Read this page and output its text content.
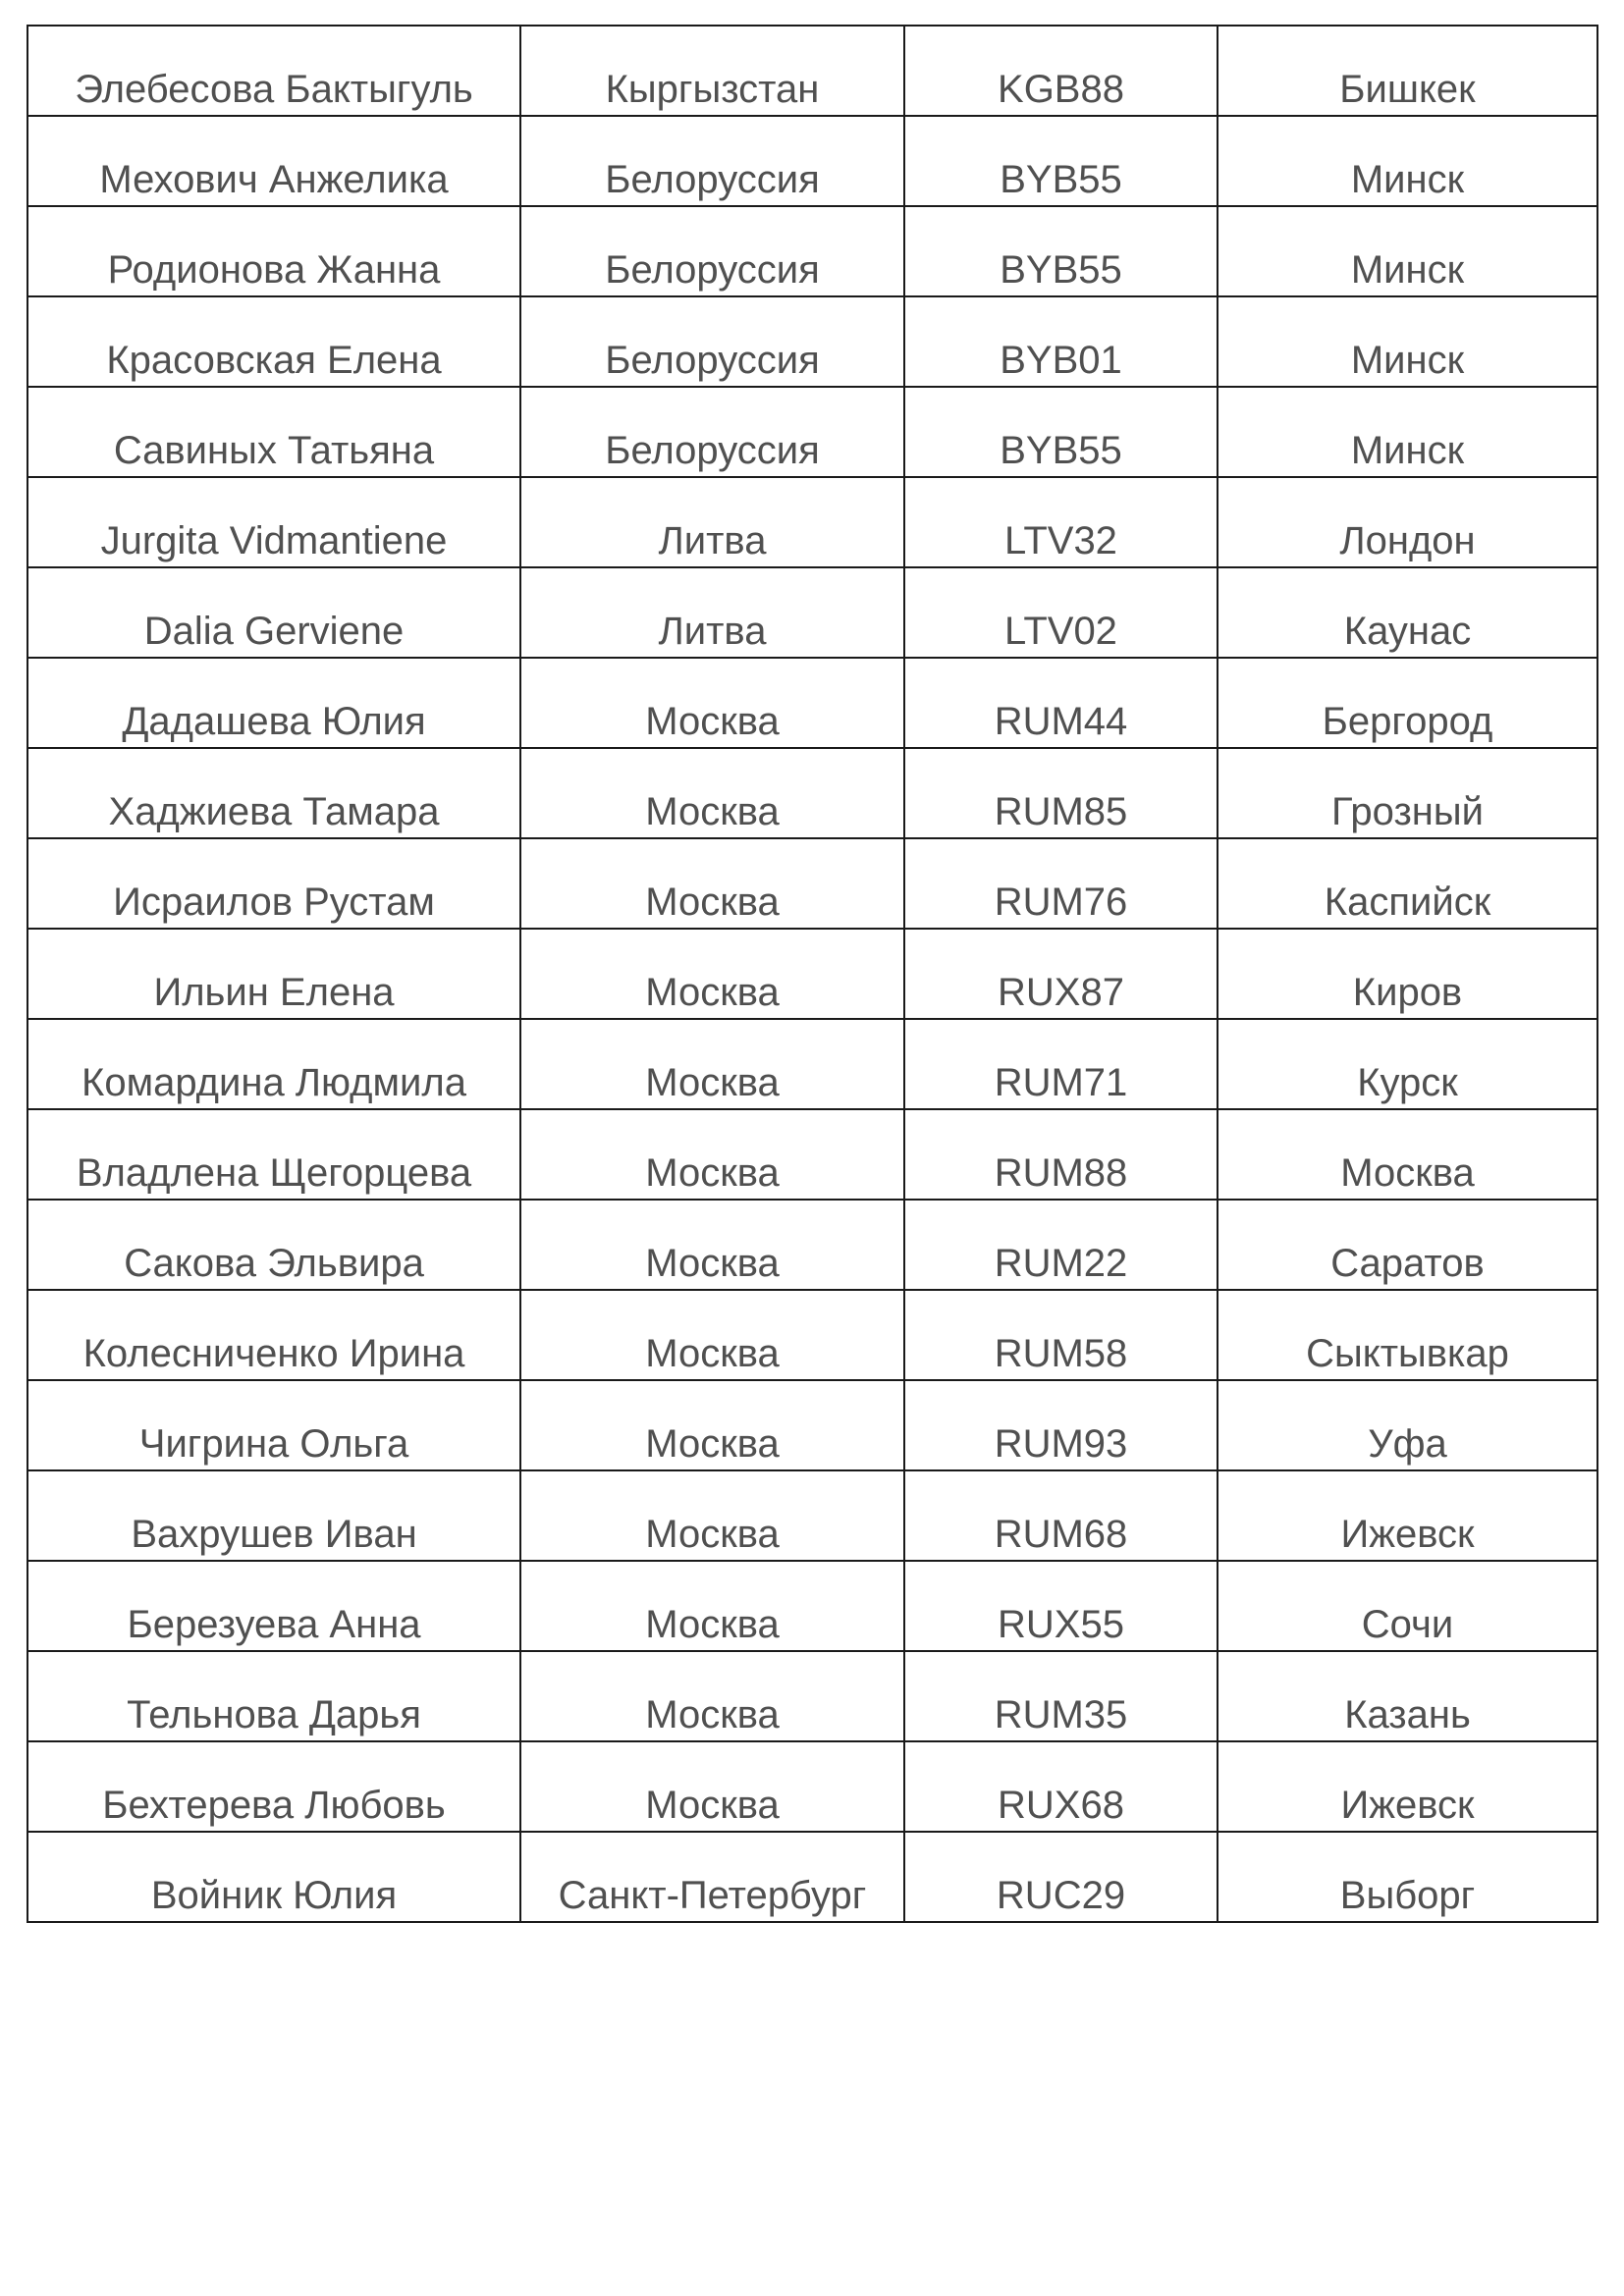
Элебесова Бактыгуль	Кыргызстан	KGB88	Бишкек
Мехович Анжелика	Белоруссия	BYB55	Минск
Родионова Жанна	Белоруссия	BYB55	Минск
Красовская Елена	Белоруссия	BYB01	Минск
Савиных Татьяна	Белоруссия	BYB55	Минск
Jurgita Vidmantiene	Литва	LTV32	Лондон
Dalia Gerviene	Литва	LTV02	Каунас
Дадашева Юлия	Москва	RUM44	Бергород
Хаджиева Тамара	Москва	RUM85	Грозный
Исраилов Рустам	Москва	RUM76	Каспийск
Ильин Елена	Москва	RUX87	Киров
Комардина Людмила	Москва	RUM71	Курск
Владлена Щегорцева	Москва	RUM88	Москва
Сакова Эльвира	Москва	RUM22	Саратов
Колесниченко Ирина	Москва	RUM58	Сыктывкар
Чигрина Ольга	Москва	RUM93	Уфа
Вахрушев Иван	Москва	RUM68	Ижевск
Березуева Анна	Москва	RUX55	Сочи
Тельнова Дарья	Москва	RUM35	Казань
Бехтерева Любовь	Москва	RUX68	Ижевск
Войник Юлия	Санкт-Петербург	RUC29	Выборг
